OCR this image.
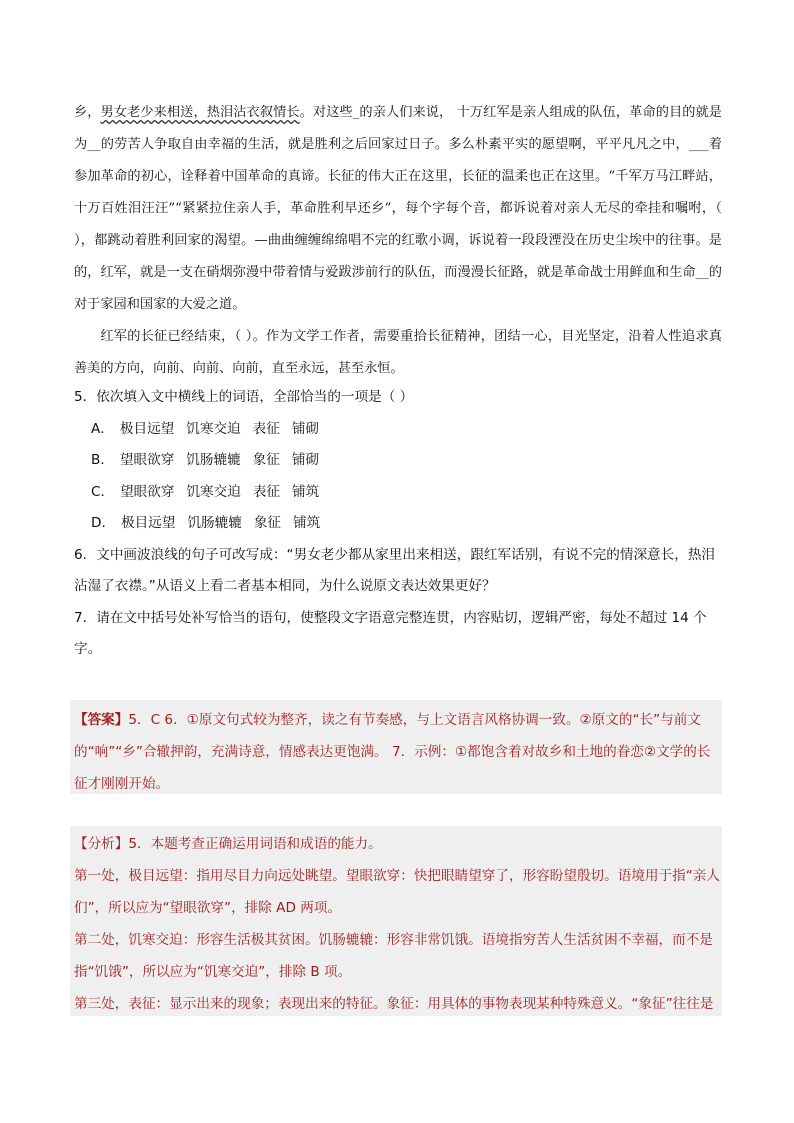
乡，男女老少来相送，热泪沾衣叙情长。对这些_的亲人们来说， 十万红军是亲人组成的队伍，革命的目的就是为__的劳苦人争取自由幸福的生活，就是胜利之后回家过日子。多么朴素平实的愿望啊，平平凡凡之中，___着参加革命的初心，诠释着中国革命的真谛。长征的伟大正在这里，长征的温柔也正在这里。“千军万马江畔站，十万百姓泪汪汪”“紧紧拉住亲人手，革命胜利早还乡”，每个字每个音，都诉说着对亲人无尽的牵挂和嘱咐，（ ），都跳动着胜利回家的渴望。—曲曲缠缠绵绵唱不完的红歌小调，诉说着一段段湮没在历史尘埃中的往事。是的，红军，就是一支在硝烟弥漫中带着情与爱跋涉前行的队伍，而漫漫长征路，就是革命战士用鲜血和生命__的对于家园和国家的大爱之道。

红军的长征已经结束，（ ）。作为文学工作者，需要重拾长征精神，团结一心，目光坚定，沿着人性追求真善美的方向，向前、向前、向前，直至永远，甚至永恒。

5．依次填入文中横线上的词语，全部恰当的一项是（ ）

A． 极目远望 饥寒交迫 表征 铺砌

B． 望眼欲穿 饥肠辘辘 象征 铺砌

C． 望眼欲穿 饥寒交迫 表征 铺筑

D． 极目远望 饥肠辘辘 象征 铺筑

6．文中画波浪线的句子可改写成：“男女老少都从家里出来相送，跟红军话别，有说不完的情深意长，热泪沾湿了衣襟。”从语义上看二者基本相同，为什么说原文表达效果更好？

7．请在文中括号处补写恰当的语句，使整段文字语意完整连贯，内容贴切，逻辑严密，每处不超过 14 个字。

【答案】5．C 6．①原文句式较为整齐，读之有节奏感，与上文语言风格协调一致。②原文的“长”与前文的“响”“乡”合辙押韵，充满诗意，情感表达更饱满。 7．示例：①都饱含着对故乡和土地的眷恋②文学的长征才刚刚开始。

【分析】5．本题考查正确运用词语和成语的能力。

第一处，极目远望：指用尽目力向远处眺望。望眼欲穿：快把眼睛望穿了，形容盼望殷切。语境用于指“亲人们”，所以应为“望眼欲穿”，排除 AD 两项。

第二处，饥寒交迫：形容生活极其贫困。饥肠辘辘：形容非常饥饿。语境指穷苦人生活贫困不幸福，而不是指“饥饿”，所以应为“饥寒交迫”，排除 B 项。

第三处，表征：显示出来的现象；表现出来的特征。象征：用具体的事物表现某种特殊意义。“象征”往往是
